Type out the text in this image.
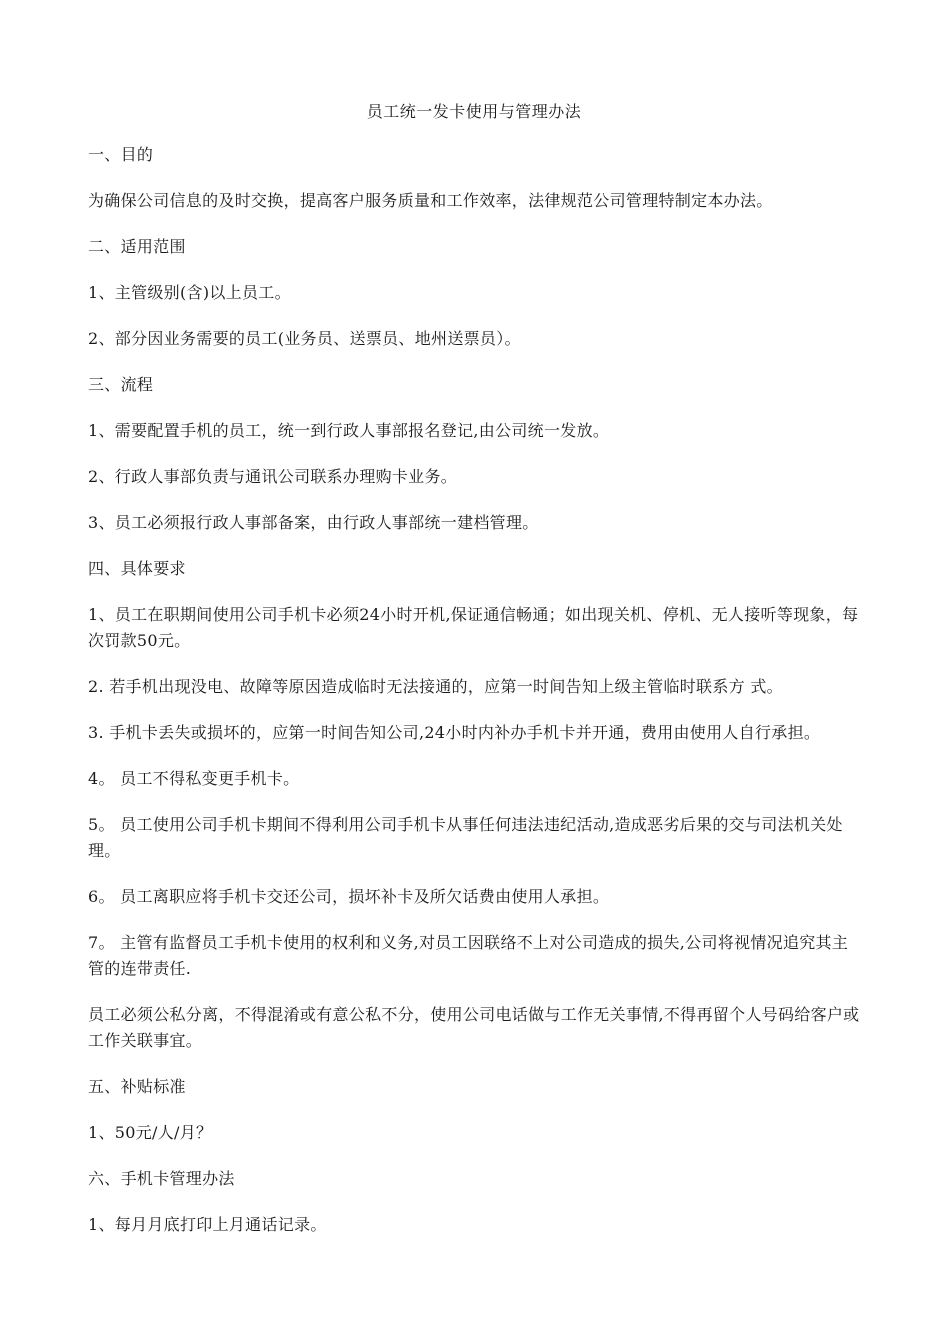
员工统一发卡使用与管理办法
一、目的
为确保公司信息的及时交换，提高客户服务质量和工作效率，法律规范公司管理特制定本办法。
二、适用范围
1、主管级别(含)以上员工。
2、部分因业务需要的员工(业务员、送票员、地州送票员）。
三、流程
1、需要配置手机的员工，统一到行政人事部报名登记,由公司统一发放。
2、行政人事部负责与通讯公司联系办理购卡业务。
3、员工必须报行政人事部备案，由行政人事部统一建档管理。
四、具体要求
1、员工在职期间使用公司手机卡必须24小时开机,保证通信畅通；如出现关机、停机、无人接听等现象，每次罚款50元。
2. 若手机出现没电、故障等原因造成临时无法接通的，应第一时间告知上级主管临时联系方 式。
3. 手机卡丢失或损坏的，应第一时间告知公司,24小时内补办手机卡并开通，费用由使用人自行承担。
4。 员工不得私变更手机卡。
5。 员工使用公司手机卡期间不得利用公司手机卡从事任何违法违纪活动,造成恶劣后果的交与司法机关处理。
6。 员工离职应将手机卡交还公司，损坏补卡及所欠话费由使用人承担。
7。 主管有监督员工手机卡使用的权利和义务,对员工因联络不上对公司造成的损失,公司将视情况追究其主管的连带责任.
员工必须公私分离，不得混淆或有意公私不分，使用公司电话做与工作无关事情,不得再留个人号码给客户或工作关联事宜。
五、补贴标准
1、50元/人/月？
六、手机卡管理办法
1、每月月底打印上月通话记录。
